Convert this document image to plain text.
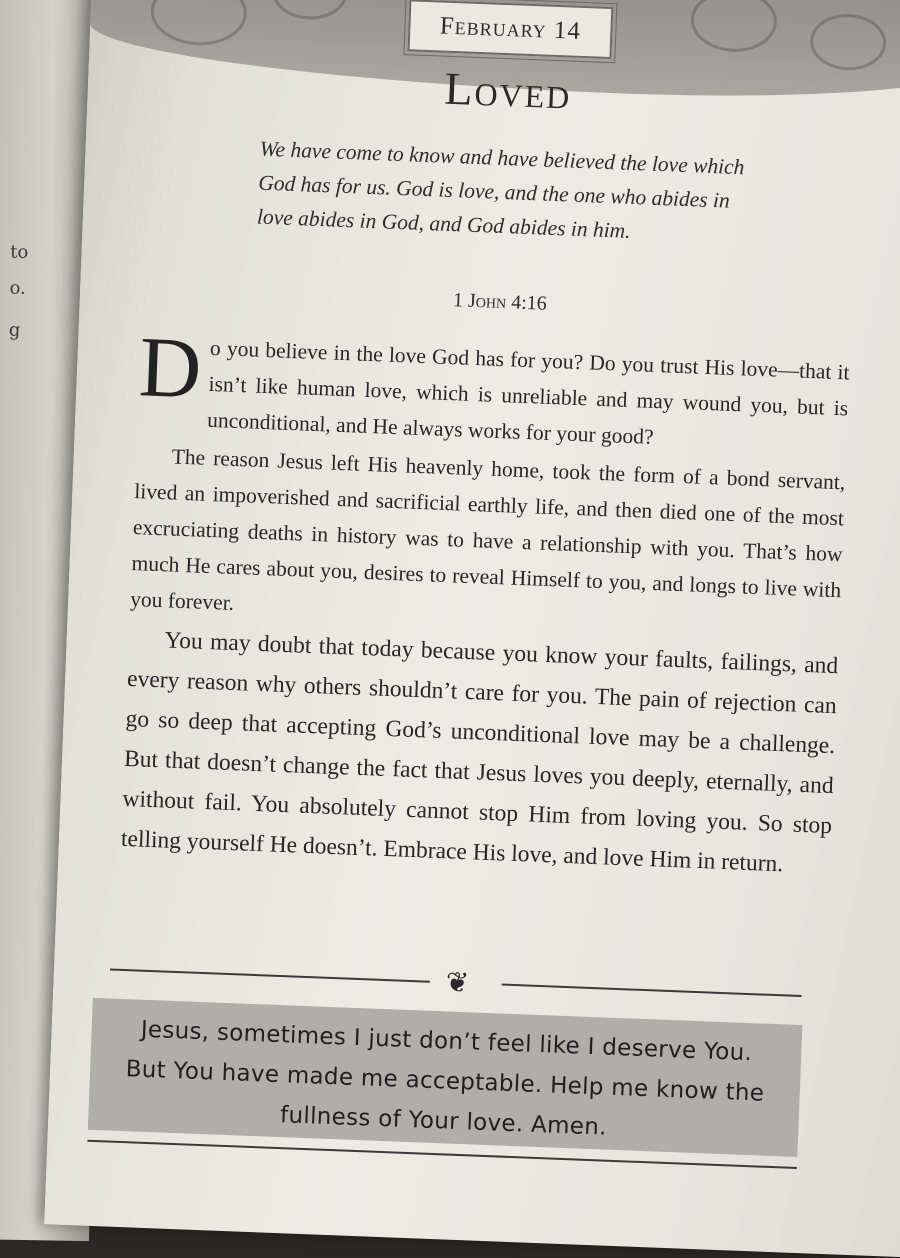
to
o.
g
February 14
Loved
We have come to know and have believed the love which God has for us. God is love, and the one who abides in love abides in God, and God abides in him.
1 John 4:16

Do you believe in the love God has for you? Do you trust His love—that it isn’t like human love, which is unreliable and may wound you, but is unconditional, and He always works for your good?

The reason Jesus left His heavenly home, took the form of a bond servant, lived an impoverished and sacrificial earthly life, and then died one of the most excruciating deaths in history was to have a relationship with you. That’s how much He cares about you, desires to reveal Himself to you, and longs to live with you forever.

You may doubt that today because you know your faults, failings, and every reason why others shouldn’t care for you. The pain of rejection can go so deep that accepting God’s unconditional love may be a challenge. But that doesn’t change the fact that Jesus loves you deeply, eternally, and without fail. You absolutely cannot stop Him from loving you. So stop telling yourself He doesn’t. Embrace His love, and love Him in return.

❦

Jesus, sometimes I just don’t feel like I deserve You. But You have made me acceptable. Help me know the fullness of Your love. Amen.
